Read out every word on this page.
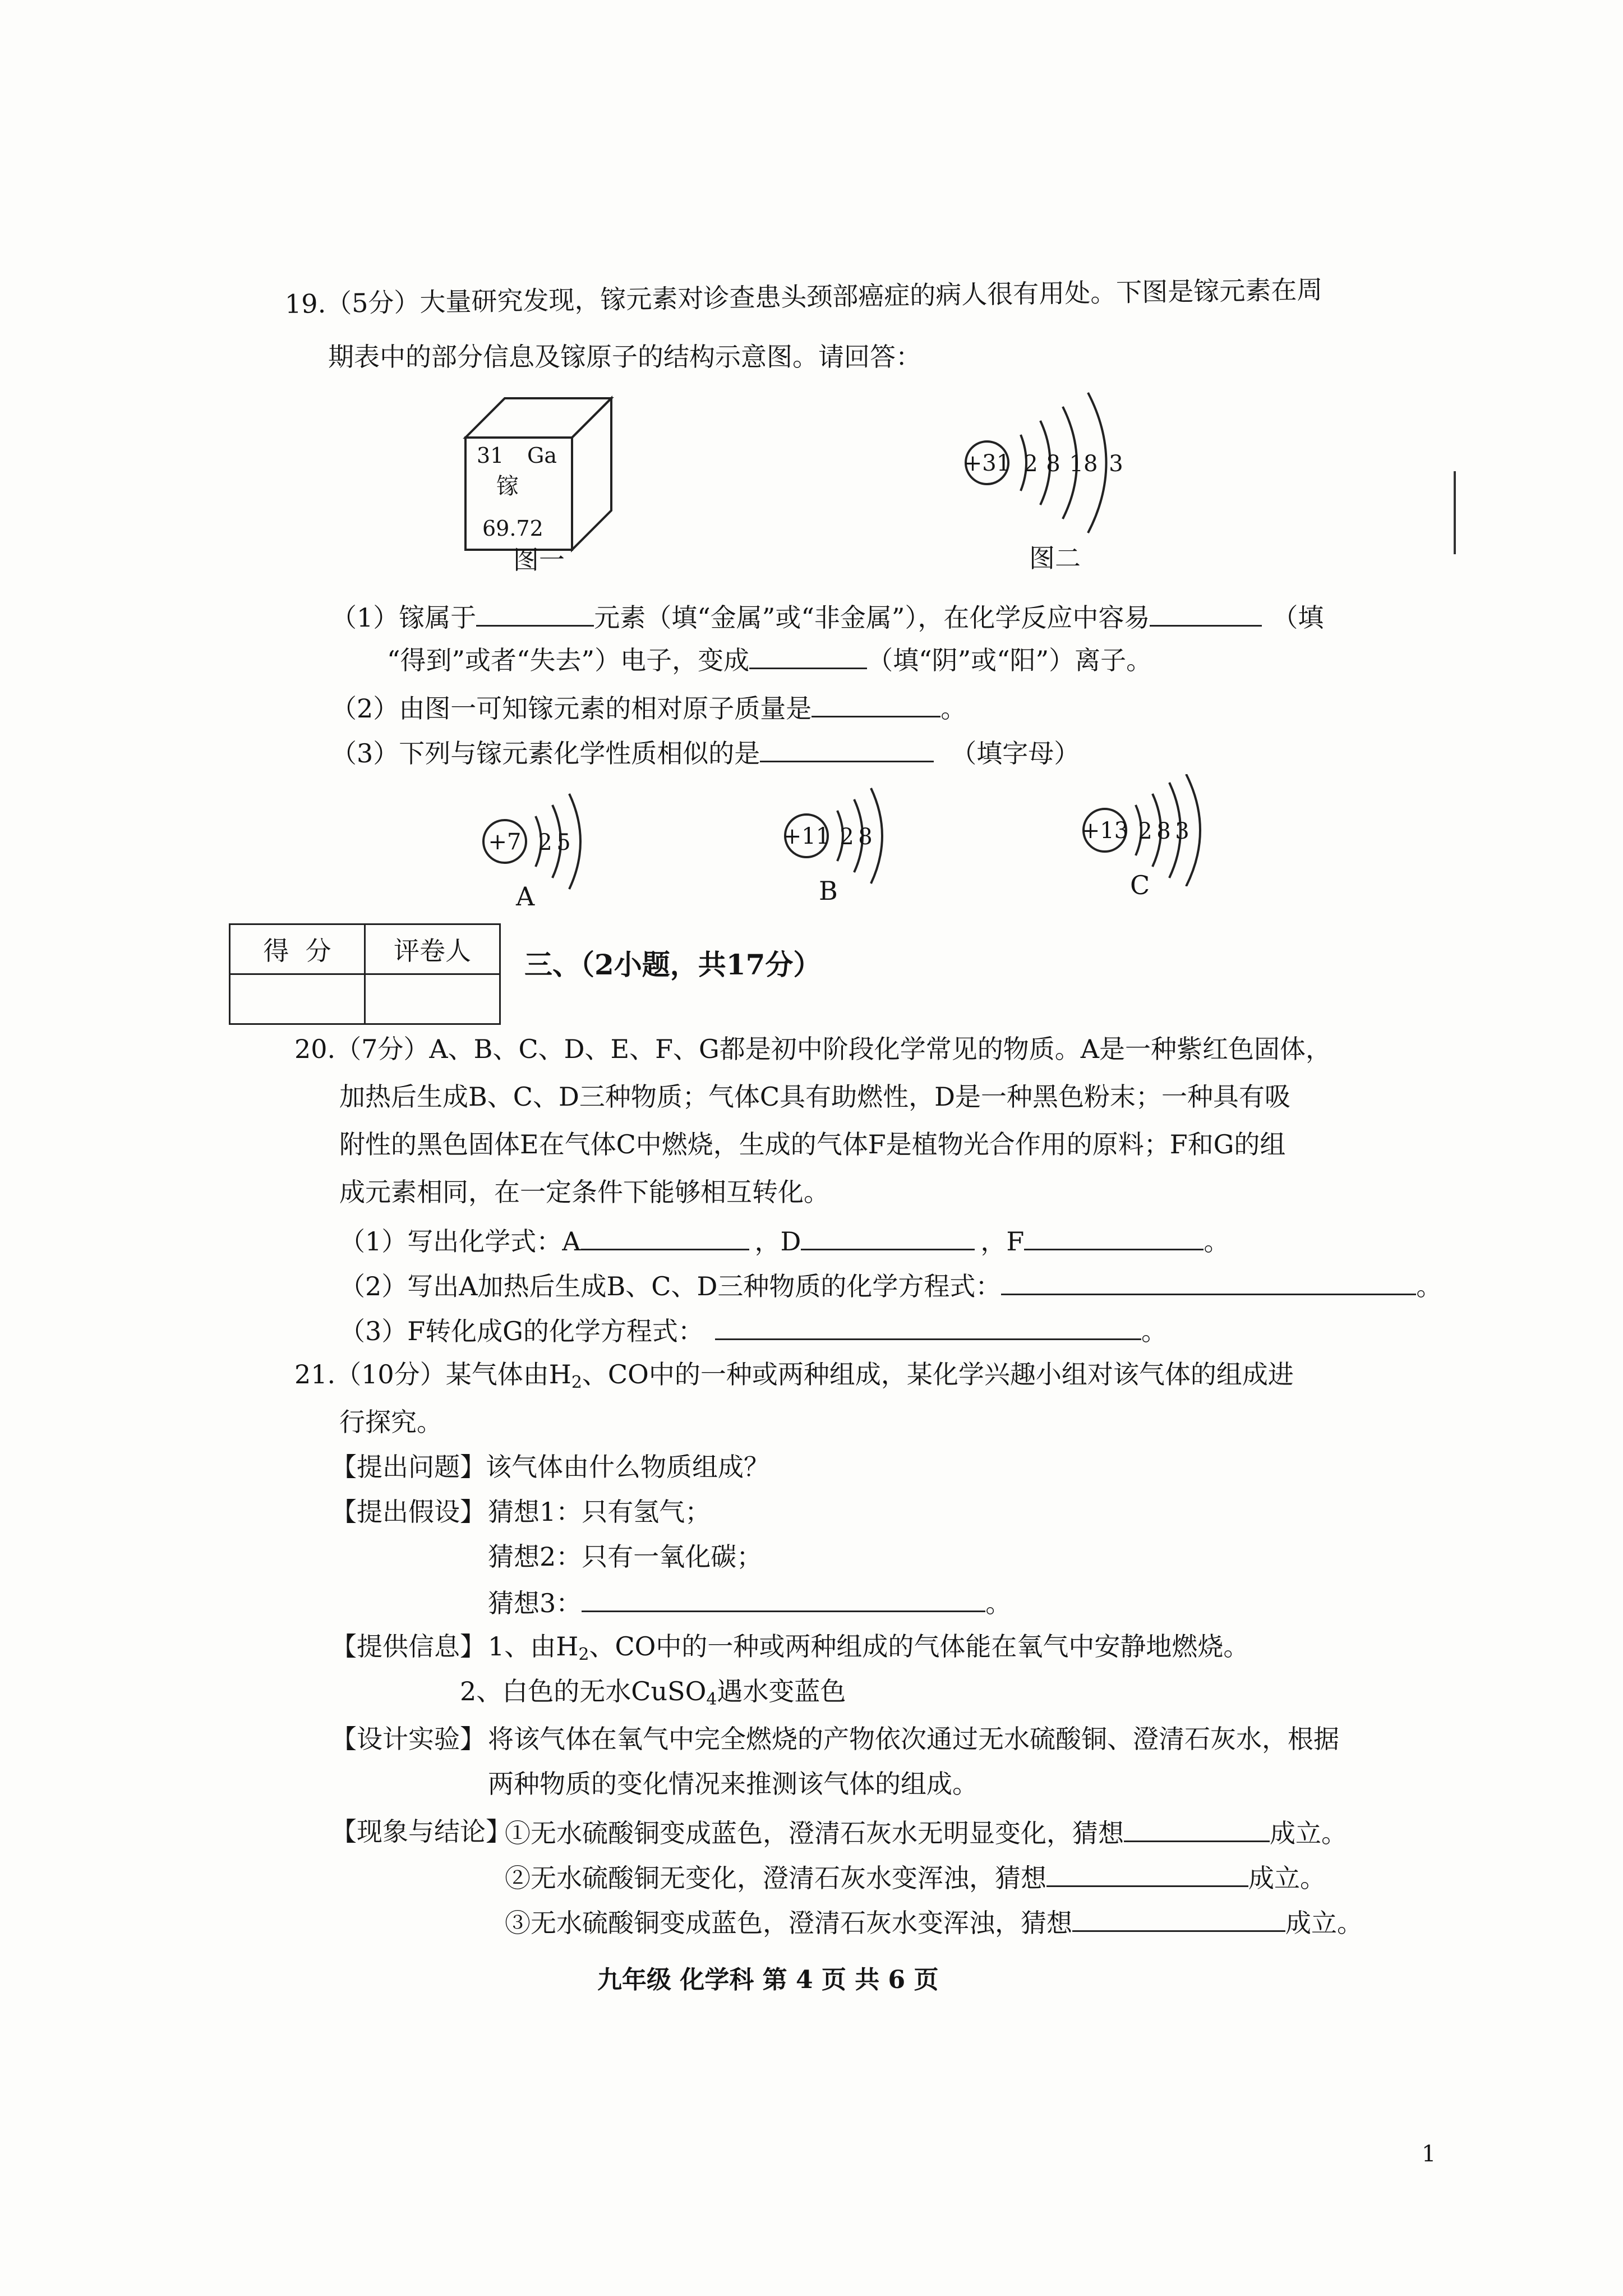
19.（5分）大量研究发现，镓元素对诊查患头颈部癌症的病人很有用处。下图是镓元素在周
期表中的部分信息及镓原子的结构示意图。请回答：
31 Ga
镓
69.72
图一
+31 2 8 18 3
图二
（1）镓属于	元素（填“金属”或“非金属”），在化学反应中容易	（填
“得到”或者“失去”）电子，变成	（填“阴”或“阳”）离子。
（2）由图一可知镓元素的相对原子质量是	。
（3）下列与镓元素化学性质相似的是	（填字母）
+7 2 5
A
+11 2 8
B
+13 2 8 3
C
得  分	评卷人
	三、（2小题，共17分）
20.（7分）A、B、C、D、E、F、G都是初中阶段化学常见的物质。A是一种紫红色固体，
加热后生成B、C、D三种物质；气体C具有助燃性，D是一种黑色粉末；一种具有吸
附性的黑色固体E在气体C中燃烧，生成的气体F是植物光合作用的原料；F和G的组
成元素相同，在一定条件下能够相互转化。
（1）写出化学式：A	，D	，F	。
（2）写出A加热后生成B、C、D三种物质的化学方程式：	。
（3）F转化成G的化学方程式：	。
21.（10分）某气体由$H_2$、CO中的一种或两种组成，某化学兴趣小组对该气体的组成进
行探究。
【提出问题】该气体由什么物质组成？
【提出假设】 猜想1：只有氢气；
猜想2：只有一氧化碳；
猜想3：	。
【提供信息】 1、由$H_2$、CO中的一种或两种组成的气体能在氧气中安静地燃烧。
2、白色的无水CuSO$_4$遇水变蓝色
【设计实验】 将该气体在氧气中完全燃烧的产物依次通过无水硫酸铜、澄清石灰水，根据
两种物质的变化情况来推测该气体的组成。
【现象与结论】
①无水硫酸铜变成蓝色，澄清石灰水无明显变化，猜想	成立。
②无水硫酸铜无变化，澄清石灰水变浑浊，猜想	成立。
③无水硫酸铜变成蓝色，澄清石灰水变浑浊，猜想	成立。
九年级 化学科 第 4 页 共 6 页
1
